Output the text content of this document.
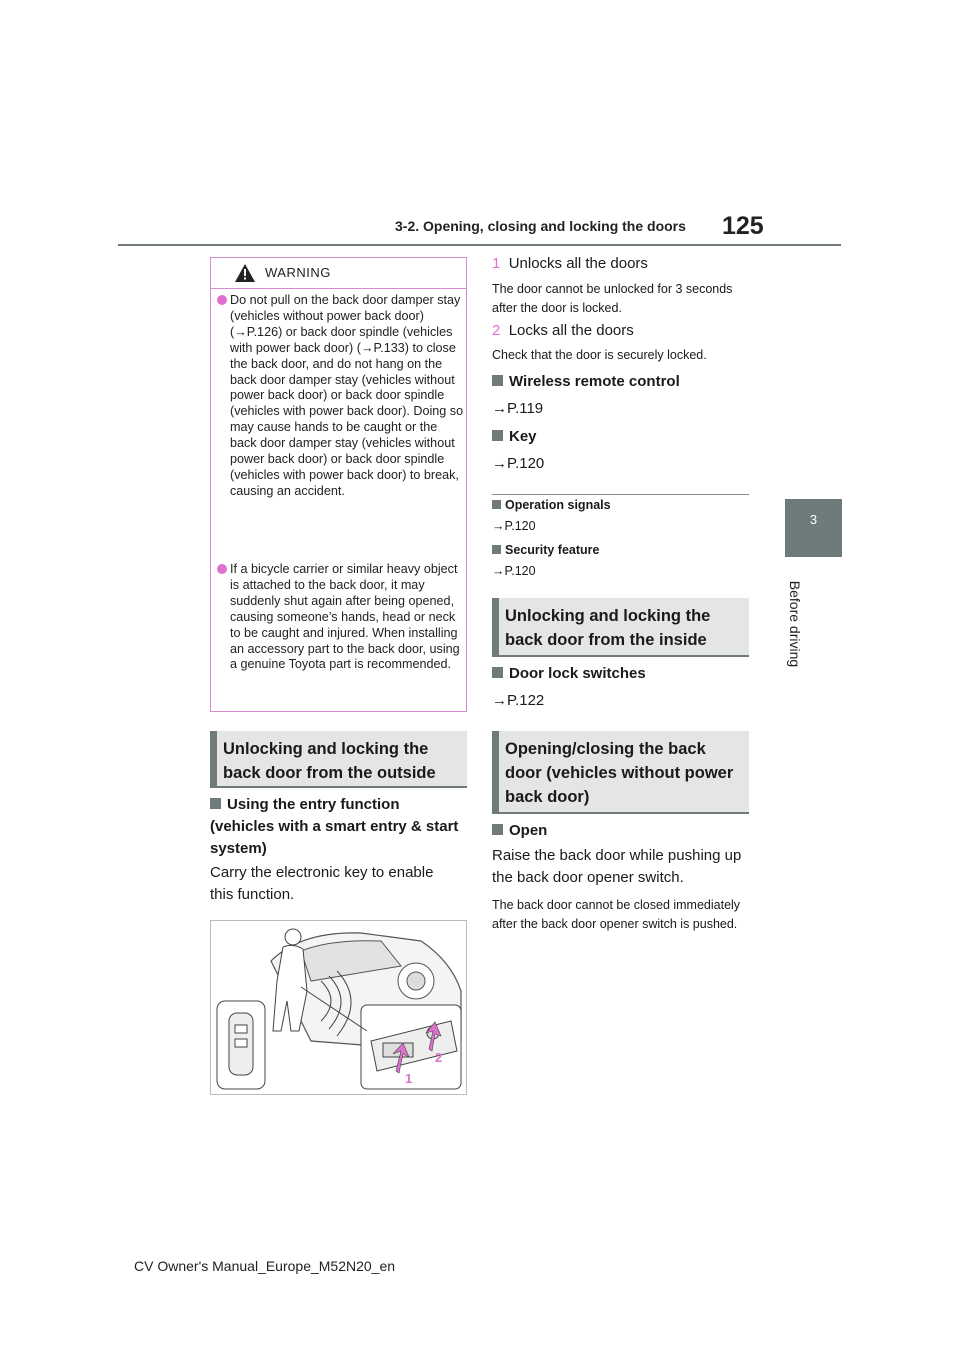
3-2. Opening, closing and locking the doors 125
3
Before driving
WARNING
Do not pull on the back door damper stay (vehicles without power back door) (→P.126) or back door spindle (vehicles with power back door) (→P.133) to close the back door, and do not hang on the back door damper stay (vehicles without power back door) or back door spindle (vehicles with power back door). Doing so may cause hands to be caught or the back door damper stay (vehicles without power back door) or back door spindle (vehicles with power back door) to break, causing an accident.
If a bicycle carrier or similar heavy object is attached to the back door, it may suddenly shut again after being opened, causing someone’s hands, head or neck to be caught and injured. When installing an accessory part to the back door, using a genuine Toyota part is recommended.
Unlocking and locking the back door from the outside
Using the entry function (vehicles with a smart entry & start system)
Carry the electronic key to enable this function.
1
2
1 Unlocks all the doors
The door cannot be unlocked for 3 seconds after the door is locked.
2 Locks all the doors
Check that the door is securely locked.
Wireless remote control
→P.119
Key
→P.120
Operation signals
→P.120
Security feature
→P.120
Unlocking and locking the back door from the inside
Door lock switches
→P.122
Opening/closing the back door (vehicles without power back door)
Open
Raise the back door while pushing up the back door opener switch.
The back door cannot be closed immediately after the back door opener switch is pushed.
CV Owner's Manual_Europe_M52N20_en
